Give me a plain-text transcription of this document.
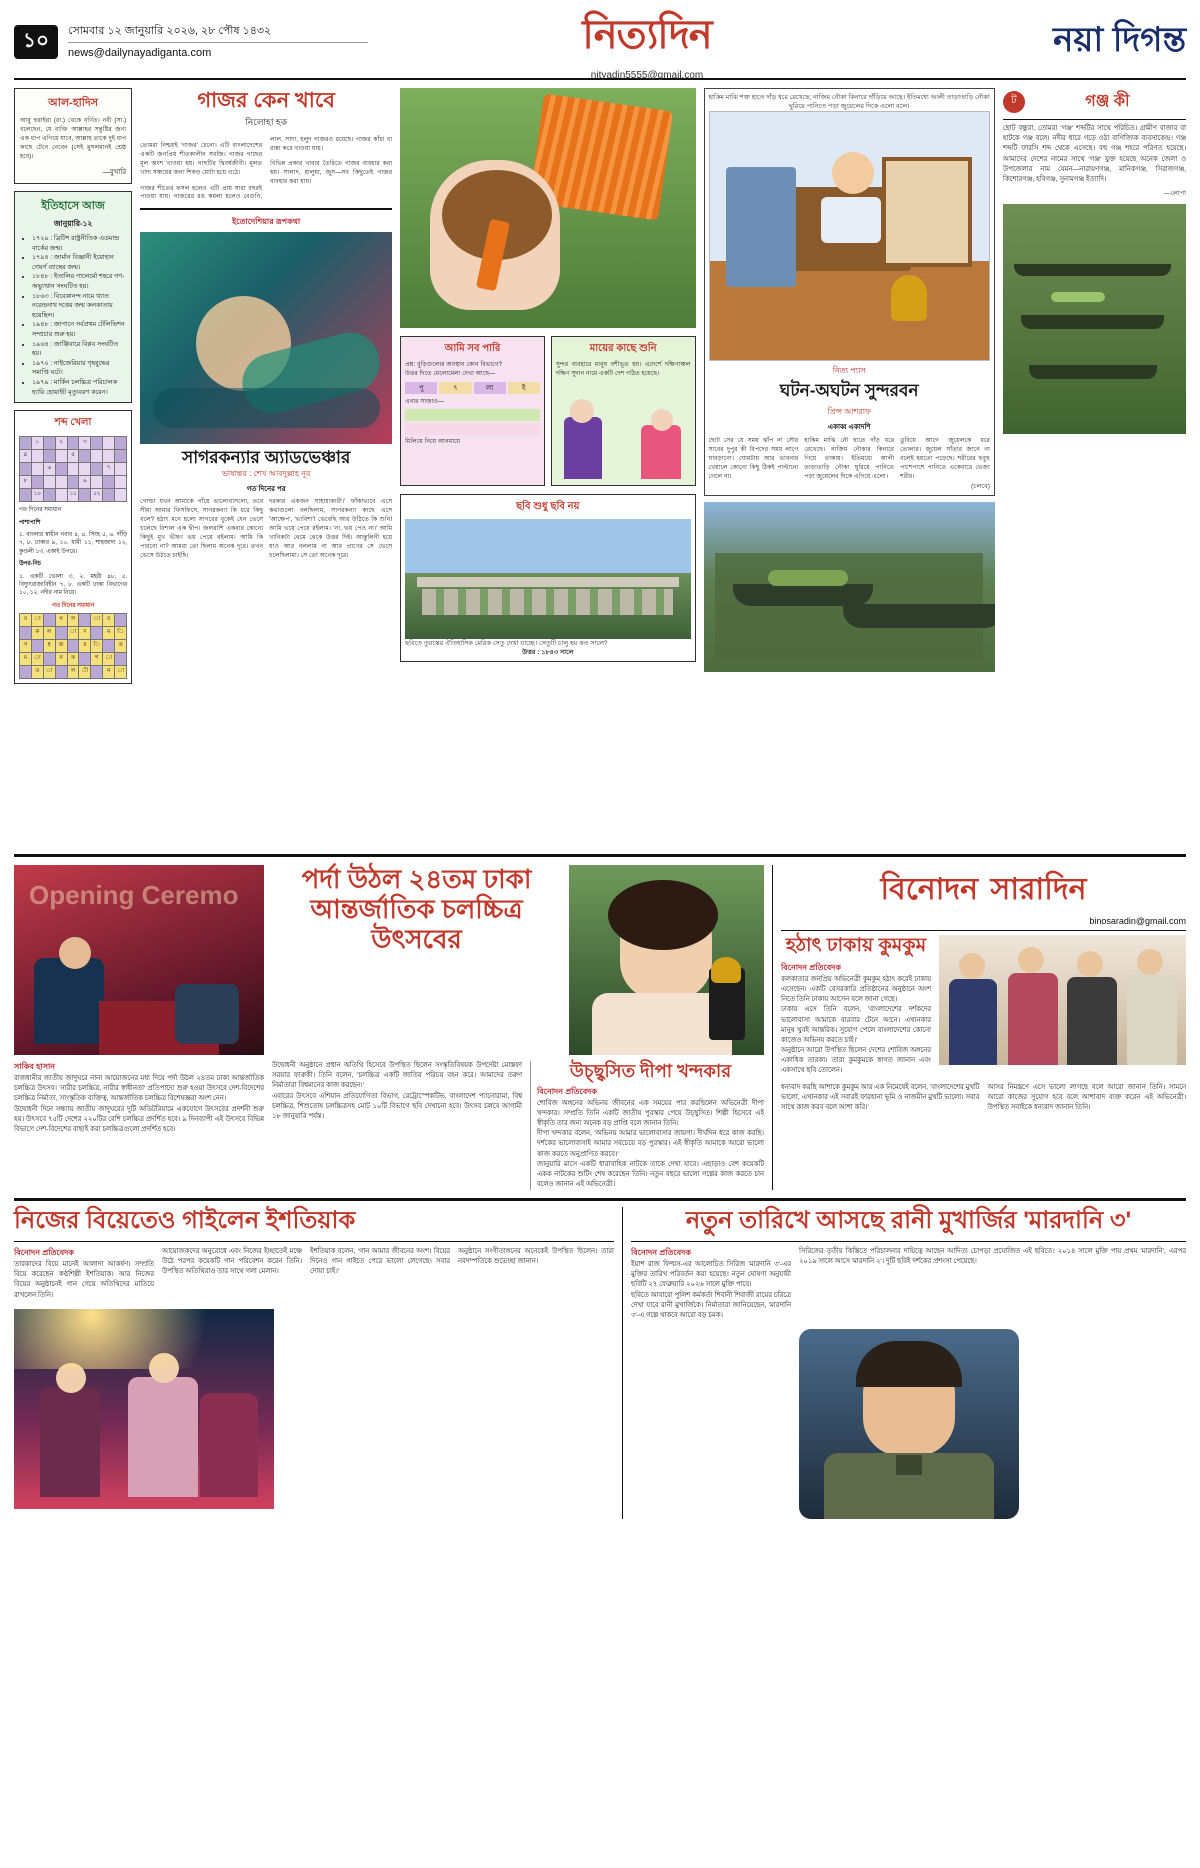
১০	সোমবার ১২ জানুয়ারি ২০২৬, ২৮ পৌষ ১৪৩২
news@dailynayadiganta.com	নিত্যদিন
nityadin5555@gmail.com
নয়া দিগন্ত
আল-হাদিস
আবু হুরাইরা (রা.) থেকে বর্ণিত। নবী (সা.) বলেছেন, যে ব্যক্তি আল্লাহর সন্তুষ্টির জন্য এক ধাপ এগিয়ে যাবে, আল্লাহ তাকে দুই ধাপ কাছে টেনে নেবেন (সেই মুসলমানই শ্রেষ্ঠ হবে)।
—বুখারি
ইতিহাসে আজ
জানুয়ারি-১২
• ১৭২৯ : ব্রিটিশ রাষ্ট্রনীতিক এডমান্ড বার্কের জন্ম।
• ১৭৯৪ : জার্মান বিজ্ঞানী ইয়োহান গেয়র্গ ব্যাম্বের জন্ম।
• ১৮৪৮ : ইতালির পালের্মো শহরে গণ-অভ্যুত্থান সংঘটিত হয়।
• ১৮৬৩ : বিবেকানন্দ নামে খ্যাত নরেন্দ্রনাথ দত্তের জন্ম কলকাতায় হয়েছিল।
• ১৯৪৮ : জাপানে সর্বপ্রথম টেলিভিশন সম্প্রচার শুরু হয়।
• ১৯৬৪ : জাঞ্জিবারে বিপ্লব সংঘটিত হয়।
• ১৯৭০ : নাইজেরিয়ার গৃহযুদ্ধের সমাপ্তি ঘটে।
• ১৯৭৯ : মার্কিন চলচ্চিত্র পরিচালক হ্যারি হোয়াইট মৃত্যুবরণ করেন।
শব্দ খেলা
	১		২		৩			
৪				৫				
		৬					৭	
৮					৯			
	১০			১১		১২		
গত দিনের সমাধান
পাশাপাশি
১. বাংলার স্বাধীন নবাব ৪, ৪. সিংহ ৫, ৬. দাঁড়ি ৭, ৮. ঢাকার ৯, ১০. ধামী ১১, শাহজাদা ১২, কুণ্ডলী ১৩, একাই উপরে।
উপর-নিচ
১. একটি ভোলা ৩, ২. মহরী ৪৮, ৫. বিদ্যুৎরাজ্যবিহীন ৭, ৮. একটি ঢাকা বিভাগের ১০, ১২. নদীর নাম নিয়ে।
গত দিনের সমাধান
ব	া		ন	ল		া	র	
	ক	ল		া	দ		ম	ি
স		হ	জ		র	ি		ত
ম	া		ন	ক		শ	া	
	ত	া		ল	ী		ন	া
গাজর কেন খাবে
নিলোহা হক

তোমরা নিশ্চয়ই 'গাজর' চেনো। এটি বাংলাদেশের একটি জনপ্রিয় শীতকালীন সবজি। গাজর গাছের মূল অংশ খাওয়া হয়। গাছটির দ্বিবর্ষজীবী। মূলত খাদ্য সঞ্চয়ের জন্য শিকড় মোটা হয়ে ওঠে।

গাজর শীতের ফসল হলেও এটি প্রায় সারা বছরই পাওয়া যায়। গাজরের রঙ কমলা হলেও বেগুনি, লাল, সাদা, হলুদ গাজরও রয়েছে। গাজর কাঁচা বা রান্না করে খাওয়া যায়।

বিভিন্ন প্রকার খাবার তৈরিতে গাজর ব্যবহার করা হয়। সালাদ, হালুয়া, জুস—সব কিছুতেই গাজর ব্যবহার করা যায়।

ইতোদেশিয়ার রূপকথা
সাগরকন্যার অ্যাডভেঞ্চার
ভাষান্তর : শেখ আবদুল্লাহ নূর
গত দিনের পর
গোল্ডা যখন আমাকে গাঁয়ে ভালোবাসলো, তবে সীমা আমার ফিসফিসে, সাগরকন্যা কি ধরে কিছু বলে? হঠাৎ মনে হলো সাগরের বুকেই যেন ভেসে চলেছে বিশাল এক দ্বীপ। জলরাশি একবার কোনো কিছুই মুখ ভীষণ ভয় পেয়ে রইলাম। আমি কি পারবো না? আমরা তো ছিলাম অনেক দূরে। তখন ভেসে উঠতে চাইছি।
দরকার একজন সাহায্যকারী।' ফাঁকাভাবে এসে কথাগুলো বলছিলাম, সাগরকন্যা কাছে এসে 'আক্ষেপ', 'ভাবিশা'! ভেবেছি আর উঠিতে কি শুনি! আমি ভয়ে পেয়ে রইলাম। 'না, ভয় পেও না।' আমি খানিকটা থেমে থেকে উত্তর দিই। আন্তুলিনী হয়ে যাও আর বললাম না আর প্রাণের সে ভেসে চলেছিলামা। সে তো অনেক দূরে।
আমি সব পারি
প্রশ্ন: বুড়িগুলোর অবস্থান কোন বিভাগে?
উত্তর দিতে মেলোমেলা দেখা আছে—
পু	৭	লা	ই
এবার সাজাও—
মিলিয়ে নিয়ে আনমায়ে
মায়ের কাছে শুনি
সুন্দর ব্যবহারে মানুষ বশীভূত হয়। এদের্শে দক্ষিণাঞ্চল দক্ষিণ সুদান নামে একটি দেশ গঠিত হয়েছে।
ছবি শুধু ছবি নয়
ছবিতে তুরস্কের ঐতিহাসিক মেরিক সেতু দেখা যাচ্ছে। সেতুটি চালু হয় কত সালে?
উত্তর : ১৮৪৩ সালে
হাকিম মাঝি শক্ত হাতে দাঁড় ধরে রেখেছে; নাজিম নৌকা কিনারে দাঁড়িয়ে আছে। ইতিমধ্যে আলী তাড়াতাড়ি নৌকা ঘুরিয়ে পানিতে পড়া জুয়েলের দিকে এলো বলে।
নিত্য প্যাস
ঘটন-অঘটন সুন্দরবন
প্রিন্স আশরাফ
একাব্ব একাদশি
ছোট সের যে সময় ঝাঁপ না সৌর সাবের দুপুর কী বিপদের সময় লাগে ঘাবড়ানো। ঘোমটায় আর ভাবনার খেয়ালে কোনো কিছু ঠিকই পাল্টানো গেলে না।
হাকিম মাঝি নৌ হাতে দাঁড় ধরে রেখেছে। নাজিম নৌকার কিনারে গিয়ে তাকায়। ইতিমধ্যে আলী তাড়াতাড়ি নৌকা ঘুরিয়ে পানিতে পড়া জুয়েলের দিকে এগিয়ে এলো।
ডুবিয়ে আগে জুয়েলকে ধরে তোলার। জুয়েল সাঁতার জানে না বলেই হয়তো পড়েছে। শরীরের হুবুহু পাশেপাশে পানিতে একেবারে ভেজা শরীর।
(চলবে)
ট	গঞ্জ কী
ছোট বন্ধুরা, তোমরা 'গঞ্জ' শব্দটির সাথে পরিচিত। গ্রামীণ বাজার বা হাটকে গঞ্জ বলে। নদীর ধারে গড়ে ওঠা বাণিজ্যিক ব্যবসাকেন্দ্র। গঞ্জ শব্দটি ফারসি শব্দ থেকে এসেছে। বহু গঞ্জ শহরে পরিণত হয়েছে। আমাদের দেশের নামের সাথে 'গঞ্জ' যুক্ত হয়েছে অনেক জেলা ও উপজেলার নাম যেমন—নারায়ণগঞ্জ, মানিকগঞ্জ, সিরাজগঞ্জ, কিশোরগঞ্জ, হবিগঞ্জ, সুনামগঞ্জ ইত্যাদি।
—লোপা
Opening Ceremo
পর্দা উঠল ২৪তম ঢাকা আন্তর্জাতিক চলচ্চিত্র উৎসবের
সাকিব হাসান
রাজধানীর জাতীয় জাদুঘরে নানা আয়োজনের মধ্য দিয়ে পর্দা উঠল ২৪তম ঢাকা আন্তর্জাতিক চলচ্চিত্র উৎসব। 'নারীর চলচ্চিত্র, নারীর স্বাধীনতা' প্রতিপাদ্যে শুরু হওয়া উৎসবে দেশ-বিদেশের চলচ্চিত্র নির্মাতা, সাংস্কৃতিক ব্যক্তিত্ব, আন্তর্জাতিক চলচ্চিত্র বিশেষজ্ঞরা অংশ নেন।
উদ্বোধনী দিনে সন্ধ্যায় জাতীয় জাদুঘরের দুটি অডিটরিয়ামে একযোগে উৎসবের প্রদর্শনী শুরু হয়। উৎসবে ৭৫টি দেশের ২২০টির বেশি চলচ্চিত্র প্রদর্শিত হবে। ৯ দিনব্যাপী এই উৎসবে বিভিন্ন বিভাগে দেশ-বিদেশের বাছাই করা চলচ্চিত্রগুলো প্রদর্শিত হবে।
উদ্বোধনী অনুষ্ঠানে প্রধান অতিথি হিসেবে উপস্থিত ছিলেন সংস্কৃতিবিষয়ক উপদেষ্টা মোস্তফা সরয়ার ফারুকী। তিনি বলেন, 'চলচ্চিত্র একটি জাতির পরিচয় বহন করে। আমাদের তরুণ নির্মাতারা বিশ্বমানের কাজ করছেন।'
এবারের উৎসবে এশিয়ান প্রতিযোগিতা বিভাগ, রেট্রোস্পেকটিভ, বাংলাদেশ প্যানোরামা, বিশ্ব চলচ্চিত্র, শিশুতোষ চলচ্চিত্রসহ মোট ১০টি বিভাগে ছবি দেখানো হবে। উৎসব চলবে আগামী ১৮ জানুয়ারি পর্যন্ত।
উচ্ছ্বসিত দীপা খন্দকার
বিনোদন প্রতিবেদক
শোবিজ অঙ্গনের অভিনয় জীবনের এক সময়ের পার করছিলেন অভিনেত্রী দীপা খন্দকার। সম্প্রতি তিনি একটি জাতীয় পুরস্কার পেয়ে উচ্ছ্বসিত। শিল্পী হিসেবে এই স্বীকৃতি তার জন্য অনেক বড় প্রাপ্তি বলে জানান তিনি।
দীপা খন্দকার বলেন, 'অভিনয় আমার ভালোবাসার জায়গা। দীর্ঘদিন ধরে কাজ করছি। দর্শকের ভালোবাসাই আমার সবচেয়ে বড় পুরস্কার। এই স্বীকৃতি আমাকে আরো ভালো কাজ করতে অনুপ্রাণিত করবে।'
জানুয়ারি মাসে একটি ধারাবাহিক নাটকে তাকে দেখা যাবে। এছাড়াও বেশ কয়েকটি একক নাটকের শুটিং শেষ করেছেন তিনি। নতুন বছরে ভালো গল্পের কাজ করতে চান বলেও জানান এই অভিনেত্রী।
বিনোদন সারাদিন
binosaradin@gmail.com
হঠাৎ ঢাকায় কুমকুম
বিনোদন প্রতিবেদক
কলকাতার জনপ্রিয় অভিনেত্রী কুমকুম হঠাৎ করেই ঢাকায় এসেছেন। একটি বেসরকারি প্রতিষ্ঠানের অনুষ্ঠানে অংশ নিতে তিনি ঢাকায় আসেন বলে জানা গেছে।
ঢাকায় এসে তিনি বলেন, 'বাংলাদেশের দর্শকদের ভালোবাসা আমাকে বারবার টেনে আনে। এখানকার মানুষ খুবই আন্তরিক। সুযোগ পেলে বাংলাদেশের কোনো কাজেও অভিনয় করতে চাই।'
অনুষ্ঠানে আরো উপস্থিত ছিলেন দেশের শোবিজ অঙ্গনের একাধিক তারকা। তারা কুমকুমকে স্বাগত জানান এবং একসাথে ছবি তোলেন।
ধন্যবাদ করছি আশাকে কুমকুম আর এক নিমেষেই বলেন, 'বাংলাদেশের মুখটি ভালো, এখানকার এই সবারই ফারহানা ভূমি ও নাজমীন মুখটি ভালো। সবার সাথে কাজ করব বলে আশা করি।'
আসর নিমন্ত্রণে এসে ভালো লাগছে বলে আরো জানান তিনি। সামনে আরো কাজের সুযোগ হবে বলে আশাবাদ ব্যক্ত করেন এই অভিনেত্রী। উপস্থিত সবাইকে ধন্যবাদ জানান তিনি।
নিজের বিয়েতেও গাইলেন ইশতিয়াক
বিনোদন প্রতিবেদক
তারকাদের বিয়ে মানেই আলাদা আকর্ষণ। সম্প্রতি বিয়ে করেছেন কণ্ঠশিল্পী ইশতিয়াক। আর নিজের বিয়ের অনুষ্ঠানেই গান গেয়ে অতিথিদের মাতিয়ে রাখলেন তিনি।
আয়োজকদের অনুরোধে এবং নিজের ইচ্ছাতেই মঞ্চে উঠে পরপর কয়েকটি গান পরিবেশন করেন তিনি। উপস্থিত অতিথিরাও তার সাথে গলা মেলান।
ইশতিয়াক বলেন, 'গান আমার জীবনের অংশ। বিয়ের দিনেও গান গাইতে পেরে ভালো লেগেছে। সবার দোয়া চাই।'
অনুষ্ঠানে সংগীতাঙ্গনের অনেকেই উপস্থিত ছিলেন। তারা নবদম্পতিকে শুভেচ্ছা জানান।
নতুন তারিখে আসছে রানী মুখার্জির 'মারদানি ৩'
বিনোদন প্রতিবেদক
ইয়াশ রাজ ফিল্মস-এর আলোচিত সিরিজ 'মারদানি ৩'-এর মুক্তির তারিখ পরিবর্তন করা হয়েছে। নতুন ঘোষণা অনুযায়ী ছবিটি ২৭ ফেব্রুয়ারি ২০২৬ সালে মুক্তি পাবে।
ছবিতে আবারো পুলিশ কর্মকর্তা শিবানী শিবাজী রায়ের চরিত্রে দেখা যাবে রানী মুখার্জিকে। নির্মাতারা জানিয়েছেন, 'মারদানি ৩'-এ গল্পে থাকবে আরো বড় চমক।
সিরিজের তৃতীয় কিস্তিতে পরিচালনার দায়িত্বে আছেন আদিত্য চোপড়া প্রযোজিত এই ছবিতে। ২০১৪ সালে মুক্তি পায় প্রথম 'মারদানি', এরপর ২০১৯ সালে আসে 'মারদানি ২'। দুটি ছবিই দর্শকের প্রশংসা পেয়েছে।
